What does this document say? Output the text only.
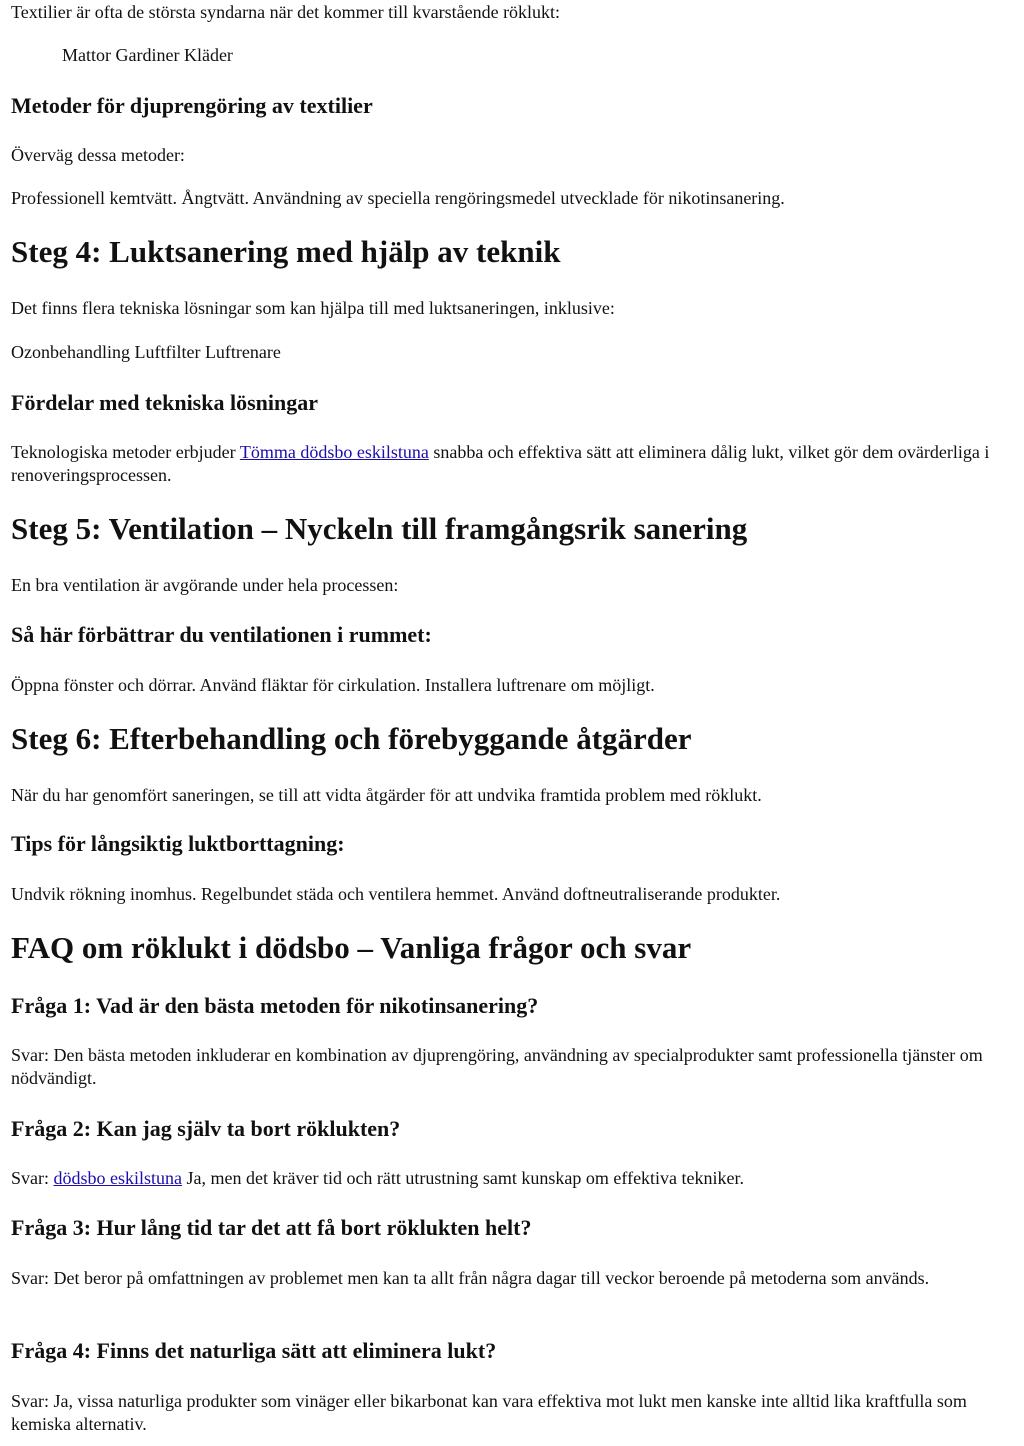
Textilier är ofta de största syndarna när det kommer till kvarstående röklukt:

Mattor Gardiner Kläder

Metoder för djuprengöring av textilier

Överväg dessa metoder:

Professionell kemtvätt. Ångtvätt. Användning av speciella rengöringsmedel utvecklade för nikotinsanering.

Steg 4: Luktsanering med hjälp av teknik

Det finns flera tekniska lösningar som kan hjälpa till med luktsaneringen, inklusive:

Ozonbehandling Luftfilter Luftrenare

Fördelar med tekniska lösningar

Teknologiska metoder erbjuder Tömma dödsbo eskilstuna snabba och effektiva sätt att eliminera dålig lukt, vilket gör dem ovärderliga i renoveringsprocessen.

Steg 5: Ventilation – Nyckeln till framgångsrik sanering

En bra ventilation är avgörande under hela processen:

Så här förbättrar du ventilationen i rummet:

Öppna fönster och dörrar. Använd fläktar för cirkulation. Installera luftrenare om möjligt.

Steg 6: Efterbehandling och förebyggande åtgärder

När du har genomfört saneringen, se till att vidta åtgärder för att undvika framtida problem med röklukt.

Tips för långsiktig luktborttagning:

Undvik rökning inomhus. Regelbundet städa och ventilera hemmet. Använd doftneutraliserande produkter.

FAQ om röklukt i dödsbo – Vanliga frågor och svar
Fråga 1: Vad är den bästa metoden för nikotinsanering?

Svar: Den bästa metoden inkluderar en kombination av djuprengöring, användning av specialprodukter samt professionella tjänster om nödvändigt.

Fråga 2: Kan jag själv ta bort röklukten?

Svar: dödsbo eskilstuna Ja, men det kräver tid och rätt utrustning samt kunskap om effektiva tekniker.

Fråga 3: Hur lång tid tar det att få bort röklukten helt?

Svar: Det beror på omfattningen av problemet men kan ta allt från några dagar till veckor beroende på metoderna som används.

Fråga 4: Finns det naturliga sätt att eliminera lukt?

Svar: Ja, vissa naturliga produkter som vinäger eller bikarbonat kan vara effektiva mot lukt men kanske inte alltid lika kraftfulla som kemiska alternativ.
